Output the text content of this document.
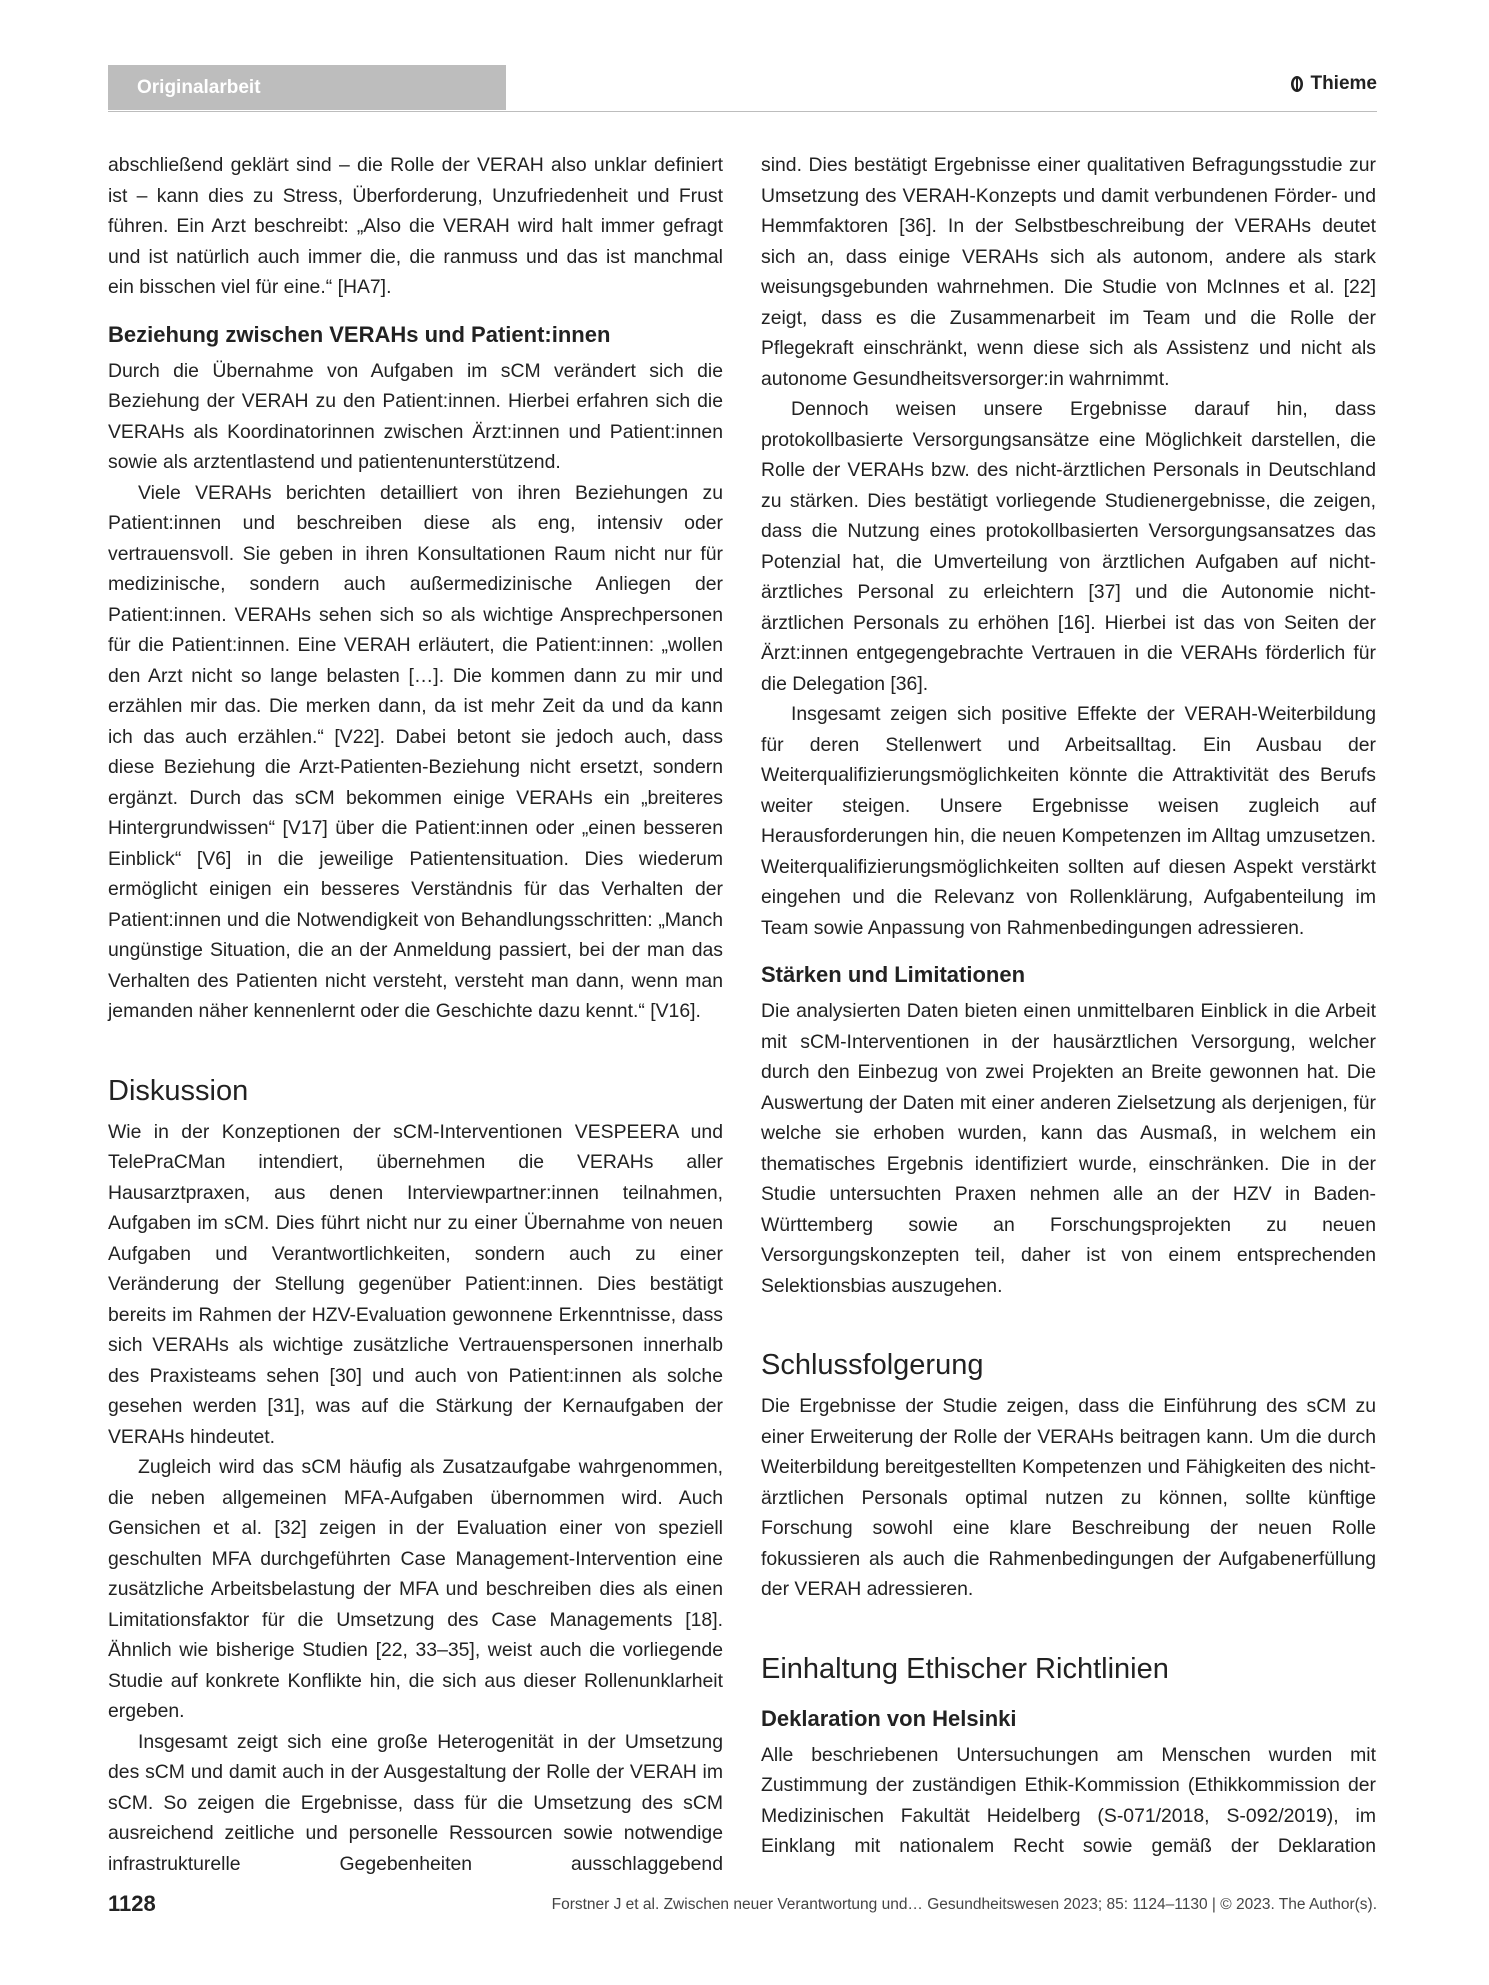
Originalarbeit	Thieme

abschließend geklärt sind – die Rolle der VERAH also unklar definiert ist – kann dies zu Stress, Überforderung, Unzufriedenheit und Frust führen. Ein Arzt beschreibt: „Also die VERAH wird halt immer gefragt und ist natürlich auch immer die, die ranmuss und das ist manchmal ein bisschen viel für eine.“ [HA7].

Beziehung zwischen VERAHs und Patient:innen

Durch die Übernahme von Aufgaben im sCM verändert sich die Beziehung der VERAH zu den Patient:innen. Hierbei erfahren sich die VERAHs als Koordinatorinnen zwischen Ärzt:innen und Patient:innen sowie als arztentlastend und patientenunterstützend.

Viele VERAHs berichten detailliert von ihren Beziehungen zu Patient:innen und beschreiben diese als eng, intensiv oder vertrauensvoll. Sie geben in ihren Konsultationen Raum nicht nur für medizinische, sondern auch außermedizinische Anliegen der Patient:innen. VERAHs sehen sich so als wichtige Ansprechpersonen für die Patient:innen. Eine VERAH erläutert, die Patient:innen: „wollen den Arzt nicht so lange belasten […]. Die kommen dann zu mir und erzählen mir das. Die merken dann, da ist mehr Zeit da und da kann ich das auch erzählen.“ [V22]. Dabei betont sie jedoch auch, dass diese Beziehung die Arzt-Patienten-Beziehung nicht ersetzt, sondern ergänzt. Durch das sCM bekommen einige VERAHs ein „breiteres Hintergrundwissen“ [V17] über die Patient:innen oder „einen besseren Einblick“ [V6] in die jeweilige Patientensituation. Dies wiederum ermöglicht einigen ein besseres Verständnis für das Verhalten der Patient:innen und die Notwendigkeit von Behandlungsschritten: „Manch ungünstige Situation, die an der Anmeldung passiert, bei der man das Verhalten des Patienten nicht versteht, versteht man dann, wenn man jemanden näher kennenlernt oder die Geschichte dazu kennt.“ [V16].

Diskussion

Wie in der Konzeptionen der sCM-Interventionen VESPEERA und TelePraCMan intendiert, übernehmen die VERAHs aller Hausarztpraxen, aus denen Interviewpartner:innen teilnahmen, Aufgaben im sCM. Dies führt nicht nur zu einer Übernahme von neuen Aufgaben und Verantwortlichkeiten, sondern auch zu einer Veränderung der Stellung gegenüber Patient:innen. Dies bestätigt bereits im Rahmen der HZV-Evaluation gewonnene Erkenntnisse, dass sich VERAHs als wichtige zusätzliche Vertrauenspersonen innerhalb des Praxisteams sehen [30] und auch von Patient:innen als solche gesehen werden [31], was auf die Stärkung der Kernaufgaben der VERAHs hindeutet.

Zugleich wird das sCM häufig als Zusatzaufgabe wahrgenommen, die neben allgemeinen MFA-Aufgaben übernommen wird. Auch Gensichen et al. [32] zeigen in der Evaluation einer von speziell geschulten MFA durchgeführten Case Management-Intervention eine zusätzliche Arbeitsbelastung der MFA und beschreiben dies als einen Limitationsfaktor für die Umsetzung des Case Managements [18]. Ähnlich wie bisherige Studien [22, 33–35], weist auch die vorliegende Studie auf konkrete Konflikte hin, die sich aus dieser Rollenunklarheit ergeben.

Insgesamt zeigt sich eine große Heterogenität in der Umsetzung des sCM und damit auch in der Ausgestaltung der Rolle der VERAH im sCM. So zeigen die Ergebnisse, dass für die Umsetzung des sCM ausreichend zeitliche und personelle Ressourcen sowie notwendige infrastrukturelle Gegebenheiten ausschlaggebend

sind. Dies bestätigt Ergebnisse einer qualitativen Befragungsstudie zur Umsetzung des VERAH-Konzepts und damit verbundenen Förder- und Hemmfaktoren [36]. In der Selbstbeschreibung der VERAHs deutet sich an, dass einige VERAHs sich als autonom, andere als stark weisungsgebunden wahrnehmen. Die Studie von McInnes et al. [22] zeigt, dass es die Zusammenarbeit im Team und die Rolle der Pflegekraft einschränkt, wenn diese sich als Assistenz und nicht als autonome Gesundheitsversorger:in wahrnimmt.

Dennoch weisen unsere Ergebnisse darauf hin, dass protokollbasierte Versorgungsansätze eine Möglichkeit darstellen, die Rolle der VERAHs bzw. des nicht-ärztlichen Personals in Deutschland zu stärken. Dies bestätigt vorliegende Studienergebnisse, die zeigen, dass die Nutzung eines protokollbasierten Versorgungsansatzes das Potenzial hat, die Umverteilung von ärztlichen Aufgaben auf nicht-ärztliches Personal zu erleichtern [37] und die Autonomie nicht-ärztlichen Personals zu erhöhen [16]. Hierbei ist das von Seiten der Ärzt:innen entgegengebrachte Vertrauen in die VERAHs förderlich für die Delegation [36].

Insgesamt zeigen sich positive Effekte der VERAH-Weiterbildung für deren Stellenwert und Arbeitsalltag. Ein Ausbau der Weiterqualifizierungsmöglichkeiten könnte die Attraktivität des Berufs weiter steigen. Unsere Ergebnisse weisen zugleich auf Herausforderungen hin, die neuen Kompetenzen im Alltag umzusetzen. Weiterqualifizierungsmöglichkeiten sollten auf diesen Aspekt verstärkt eingehen und die Relevanz von Rollenklärung, Aufgabenteilung im Team sowie Anpassung von Rahmenbedingungen adressieren.

Stärken und Limitationen

Die analysierten Daten bieten einen unmittelbaren Einblick in die Arbeit mit sCM-Interventionen in der hausärztlichen Versorgung, welcher durch den Einbezug von zwei Projekten an Breite gewonnen hat. Die Auswertung der Daten mit einer anderen Zielsetzung als derjenigen, für welche sie erhoben wurden, kann das Ausmaß, in welchem ein thematisches Ergebnis identifiziert wurde, einschränken. Die in der Studie untersuchten Praxen nehmen alle an der HZV in Baden-Württemberg sowie an Forschungsprojekten zu neuen Versorgungskonzepten teil, daher ist von einem entsprechenden Selektionsbias auszugehen.

Schlussfolgerung

Die Ergebnisse der Studie zeigen, dass die Einführung des sCM zu einer Erweiterung der Rolle der VERAHs beitragen kann. Um die durch Weiterbildung bereitgestellten Kompetenzen und Fähigkeiten des nicht-ärztlichen Personals optimal nutzen zu können, sollte künftige Forschung sowohl eine klare Beschreibung der neuen Rolle fokussieren als auch die Rahmenbedingungen der Aufgabenerfüllung der VERAH adressieren.

Einhaltung Ethischer Richtlinien
Deklaration von Helsinki

Alle beschriebenen Untersuchungen am Menschen wurden mit Zustimmung der zuständigen Ethik-Kommission (Ethikkommission der Medizinischen Fakultät Heidelberg (S-071/2018, S-092/2019), im Einklang mit nationalem Recht sowie gemäß der Deklaration

1128	Forstner J et al. Zwischen neuer Verantwortung und… Gesundheitswesen 2023; 85: 1124–1130 | © 2023. The Author(s).
